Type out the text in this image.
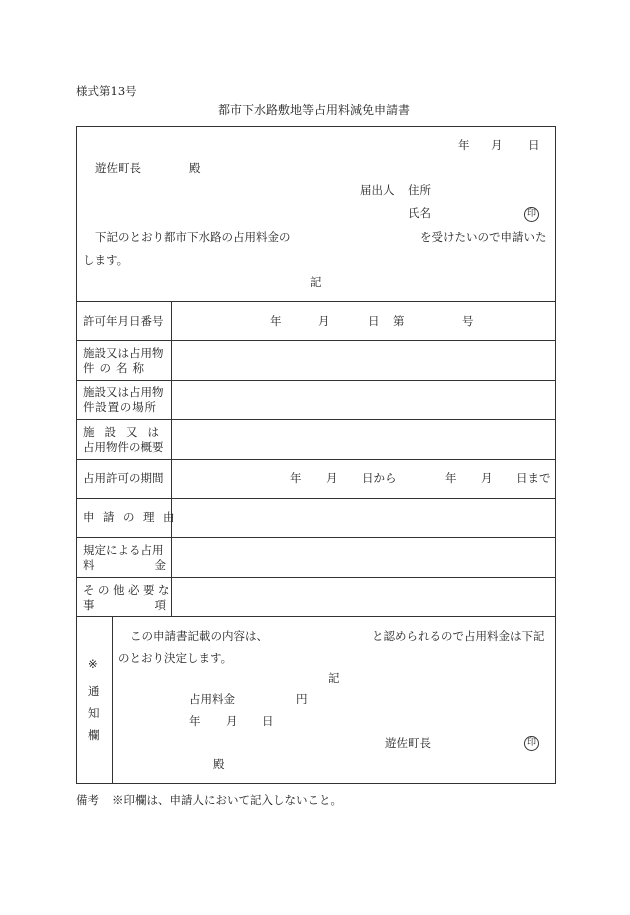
様式第13号
都市下水路敷地等占用料減免申請書
年 月 日
遊佐町長	殿
届出人 住所
氏名	印
下記のとおり都市下水路の占用料金の	を受けたいので申請いた
します。
記
許可年月日番号	年	月	日 第	号
施設又は占用物
件の名称
施設又は占用物
件設置の場所
施設又は
占用物件の概要
占用許可の期間	年 月 日から	年 月 日まで
申請の理由
規定による占用
料金
その他必要な
事項
※
通
知
欄
この申請書記載の内容は、	と認められるので占用料金は下記
のとおり決定します。
記
占用料金	円
年 月 日
遊佐町長	印
殿
備考 ※印欄は、申請人において記入しないこと。
